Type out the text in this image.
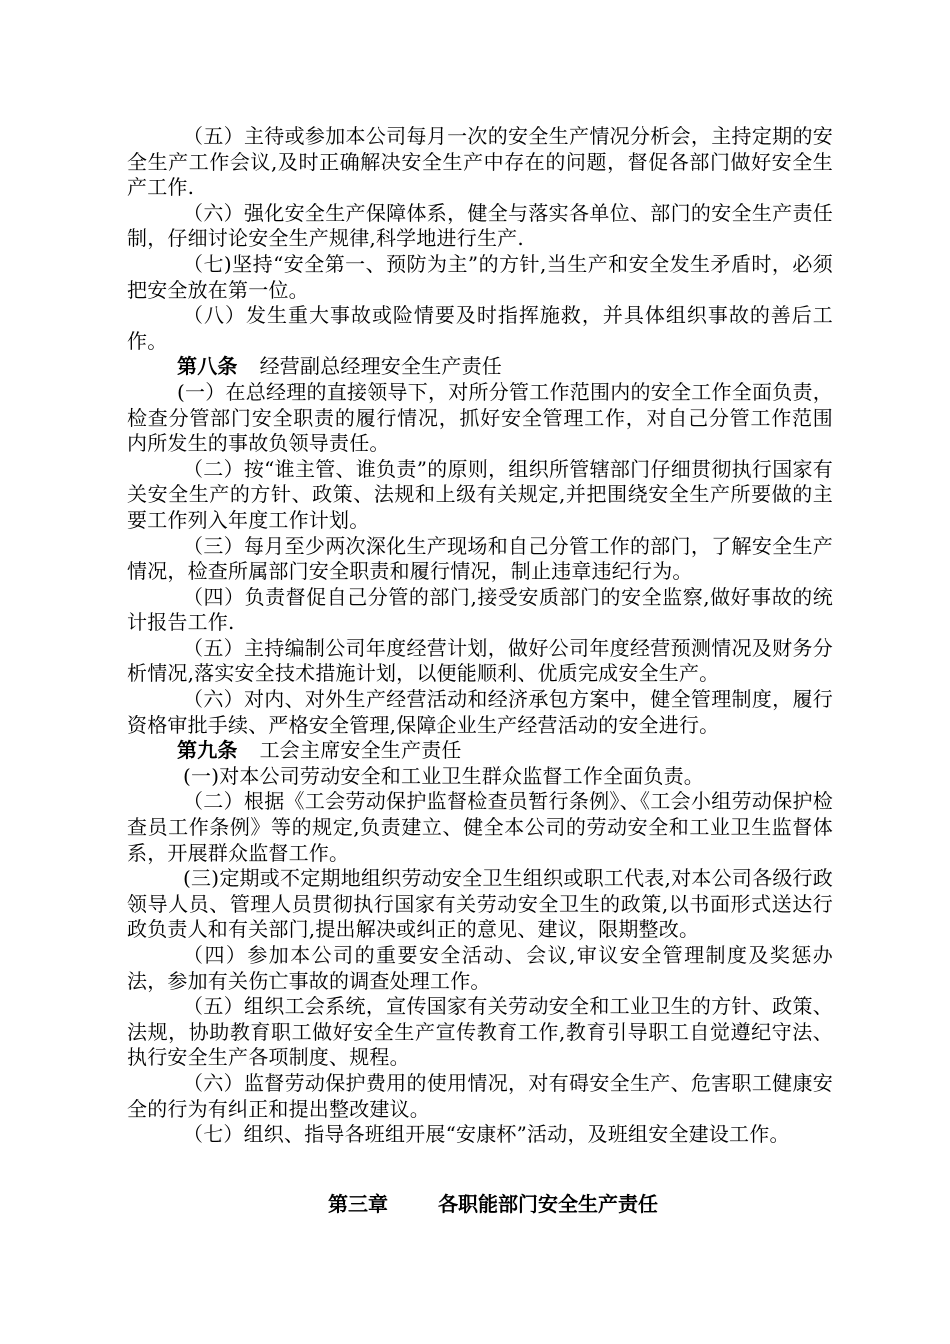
（五）主待或参加本公司每月一次的安全生产情况分析会，主持定期的安全生产工作会议,及时正确解决安全生产中存在的问题，督促各部门做好安全生产工作.

（六）强化安全生产保障体系，健全与落实各单位、部门的安全生产责任制，仔细讨论安全生产规律,科学地进行生产.

（七)坚持“安全第一、预防为主”的方针,当生产和安全发生矛盾时，必须把安全放在第一位。

（八）发生重大事故或险情要及时指挥施救，并具体组织事故的善后工作。

第八条 经营副总经理安全生产责任

(一）在总经理的直接领导下，对所分管工作范围内的安全工作全面负责，检查分管部门安全职责的履行情况，抓好安全管理工作，对自己分管工作范围内所发生的事故负领导责任。

（二）按“谁主管、谁负责”的原则，组织所管辖部门仔细贯彻执行国家有关安全生产的方针、政策、法规和上级有关规定,并把围绕安全生产所要做的主要工作列入年度工作计划。

（三）每月至少两次深化生产现场和自己分管工作的部门，了解安全生产情况，检查所属部门安全职责和履行情况，制止违章违纪行为。

（四）负责督促自己分管的部门,接受安质部门的安全监察,做好事故的统计报告工作.

（五）主持编制公司年度经营计划，做好公司年度经营预测情况及财务分析情况,落实安全技术措施计划，以便能顺利、优质完成安全生产。

（六）对内、对外生产经营活动和经济承包方案中，健全管理制度，履行资格审批手续、严格安全管理,保障企业生产经营活动的安全进行。

第九条 工会主席安全生产责任

(一)对本公司劳动安全和工业卫生群众监督工作全面负责。

（二）根据《工会劳动保护监督检查员暂行条例》、《工会小组劳动保护检查员工作条例》等的规定,负责建立、健全本公司的劳动安全和工业卫生监督体系，开展群众监督工作。

(三)定期或不定期地组织劳动安全卫生组织或职工代表,对本公司各级行政领导人员、管理人员贯彻执行国家有关劳动安全卫生的政策,以书面形式送达行政负责人和有关部门,提出解决或纠正的意见、建议，限期整改。

（四）参加本公司的重要安全活动、会议,审议安全管理制度及奖惩办法，参加有关伤亡事故的调查处理工作。

（五）组织工会系统，宣传国家有关劳动安全和工业卫生的方针、政策、法规，协助教育职工做好安全生产宣传教育工作,教育引导职工自觉遵纪守法、执行安全生产各项制度、规程。

（六）监督劳动保护费用的使用情况，对有碍安全生产、危害职工健康安全的行为有纠正和提出整改建议。

（七）组织、指导各班组开展“安康杯”活动，及班组安全建设工作。

第三章	各职能部门安全生产责任
